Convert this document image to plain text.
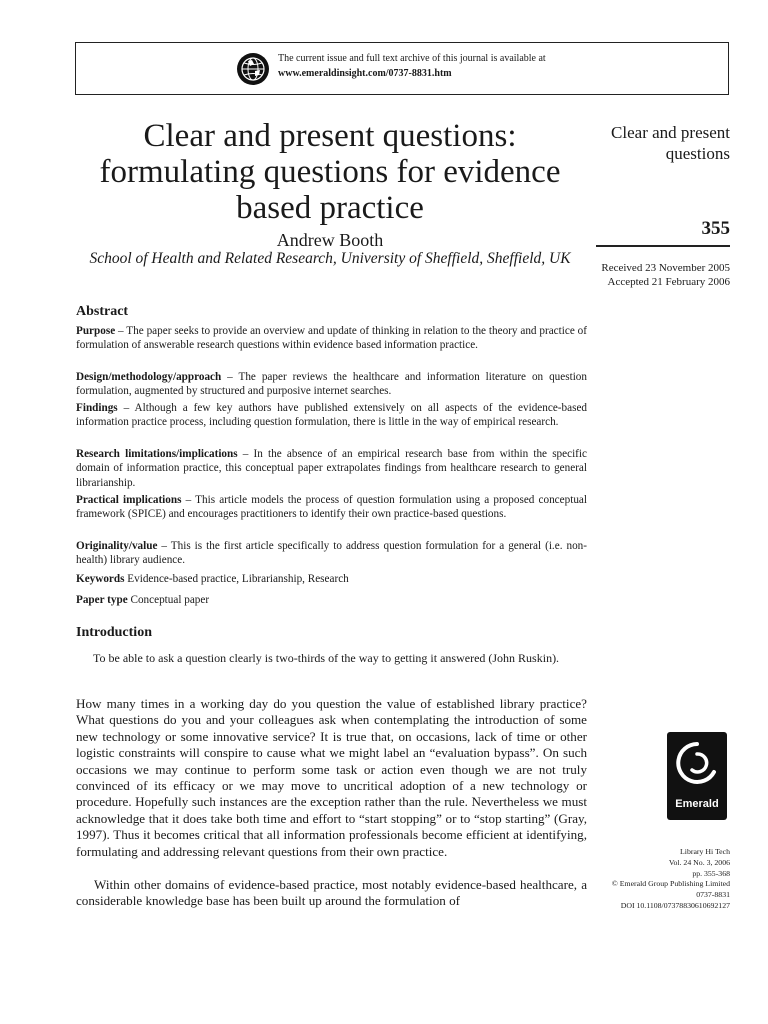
The current issue and full text archive of this journal is available at
www.emeraldinsight.com/0737-8831.htm
Clear and present questions: formulating questions for evidence based practice
Andrew Booth
School of Health and Related Research, University of Sheffield, Sheffield, UK
Clear and present questions
355
Received 23 November 2005
Accepted 21 February 2006
Abstract
Purpose – The paper seeks to provide an overview and update of thinking in relation to the theory and practice of formulation of answerable research questions within evidence based information practice.
Design/methodology/approach – The paper reviews the healthcare and information literature on question formulation, augmented by structured and purposive internet searches.
Findings – Although a few key authors have published extensively on all aspects of the evidence-based information practice process, including question formulation, there is little in the way of empirical research.
Research limitations/implications – In the absence of an empirical research base from within the specific domain of information practice, this conceptual paper extrapolates findings from healthcare research to general librarianship.
Practical implications – This article models the process of question formulation using a proposed conceptual framework (SPICE) and encourages practitioners to identify their own practice-based questions.
Originality/value – This is the first article specifically to address question formulation for a general (i.e. non-health) library audience.
Keywords Evidence-based practice, Librarianship, Research
Paper type Conceptual paper
Introduction
To be able to ask a question clearly is two-thirds of the way to getting it answered (John Ruskin).
How many times in a working day do you question the value of established library practice? What questions do you and your colleagues ask when contemplating the introduction of some new technology or some innovative service? It is true that, on occasions, lack of time or other logistic constraints will conspire to cause what we might label an “evaluation bypass”. On such occasions we may continue to perform some task or action even though we are not truly convinced of its efficacy or we may move to uncritical adoption of a new technology or procedure. Hopefully such instances are the exception rather than the rule. Nevertheless we must acknowledge that it does take both time and effort to “start stopping” or to “stop starting” (Gray, 1997). Thus it becomes critical that all information professionals become efficient at identifying, formulating and addressing relevant questions from their own practice.
Within other domains of evidence-based practice, most notably evidence-based healthcare, a considerable knowledge base has been built up around the formulation of
Emerald
Library Hi Tech
Vol. 24 No. 3, 2006
pp. 355-368
© Emerald Group Publishing Limited
0737-8831
DOI 10.1108/07378830610692127
